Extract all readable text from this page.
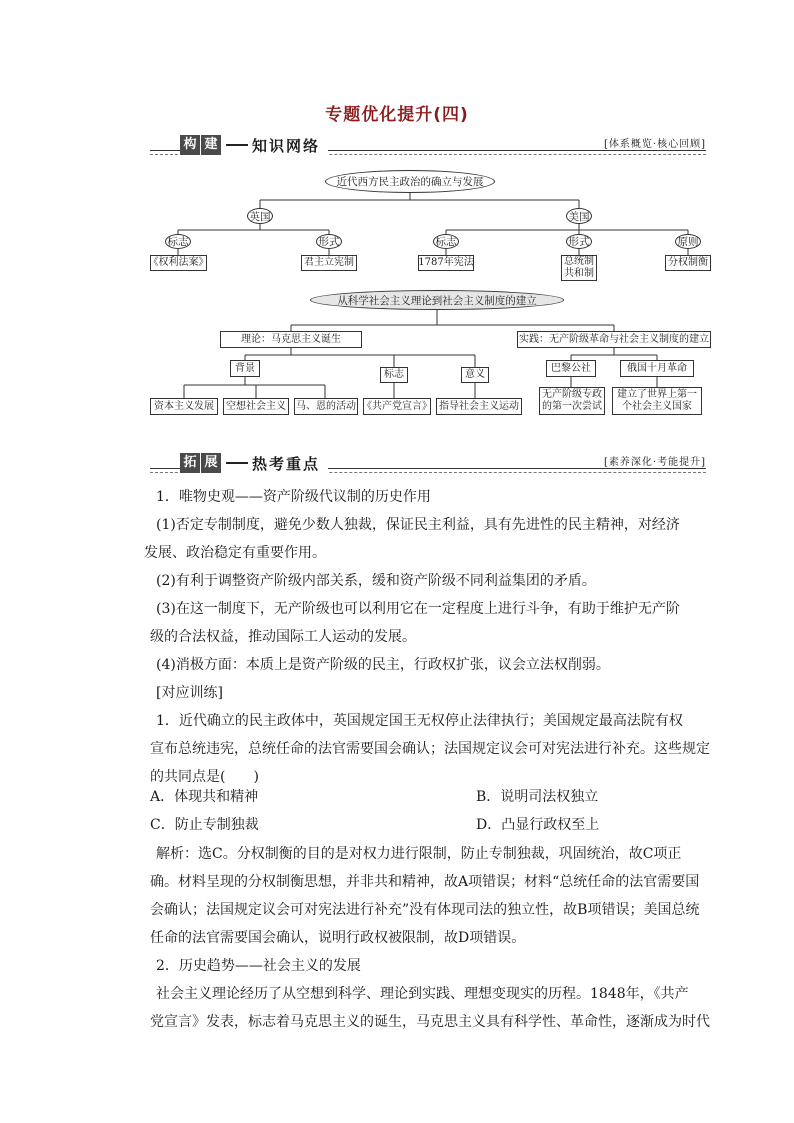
专题优化提升(四)
构 建 知识网络	[体系概览·核心回顾]
近代西方民主政治的确立与发展
英国	美国
标志	形式	标志	形式	原则
《权利法案》	君主立宪制	1787年宪法	总统制
共和制
分权制衡
从科学社会主义理论到社会主义制度的建立
理论：马克思主义诞生	实践：无产阶级革命与社会主义制度的建立
背景
标志	意义
资本主义发展	空想社会主义	马、恩的活动 《共产党宣言》 指导社会主义运动
巴黎公社	俄国十月革命
无产阶级专政
的第一次尝试
建立了世界上第一
个社会主义国家
拓 展 热考重点	[素养深化·考能提升]
1．唯物史观——资产阶级代议制的历史作用
(1)否定专制制度，避免少数人独裁，保证民主利益，具有先进性的民主精神，对经济
发展、政治稳定有重要作用。
(2)有利于调整资产阶级内部关系，缓和资产阶级不同利益集团的矛盾。
(3)在这一制度下，无产阶级也可以利用它在一定程度上进行斗争，有助于维护无产阶
级的合法权益，推动国际工人运动的发展。
(4)消极方面：本质上是资产阶级的民主，行政权扩张，议会立法权削弱。
[对应训练]
1．近代确立的民主政体中，英国规定国王无权停止法律执行；美国规定最高法院有权
宣布总统违宪，总统任命的法官需要国会确认；法国规定议会可对宪法进行补充。这些规定
的共同点是(　　)
A．体现共和精神	B．说明司法权独立
C．防止专制独裁	D．凸显行政权至上
解析：选C。分权制衡的目的是对权力进行限制，防止专制独裁，巩固统治，故C项正
确。材料呈现的分权制衡思想，并非共和精神，故A项错误；材料“总统任命的法官需要国
会确认；法国规定议会可对宪法进行补充”没有体现司法的独立性，故B项错误；美国总统
任命的法官需要国会确认，说明行政权被限制，故D项错误。
2．历史趋势——社会主义的发展
社会主义理论经历了从空想到科学、理论到实践、理想变现实的历程。1848年，《共产
党宣言》发表，标志着马克思主义的诞生，马克思主义具有科学性、革命性，逐渐成为时代
